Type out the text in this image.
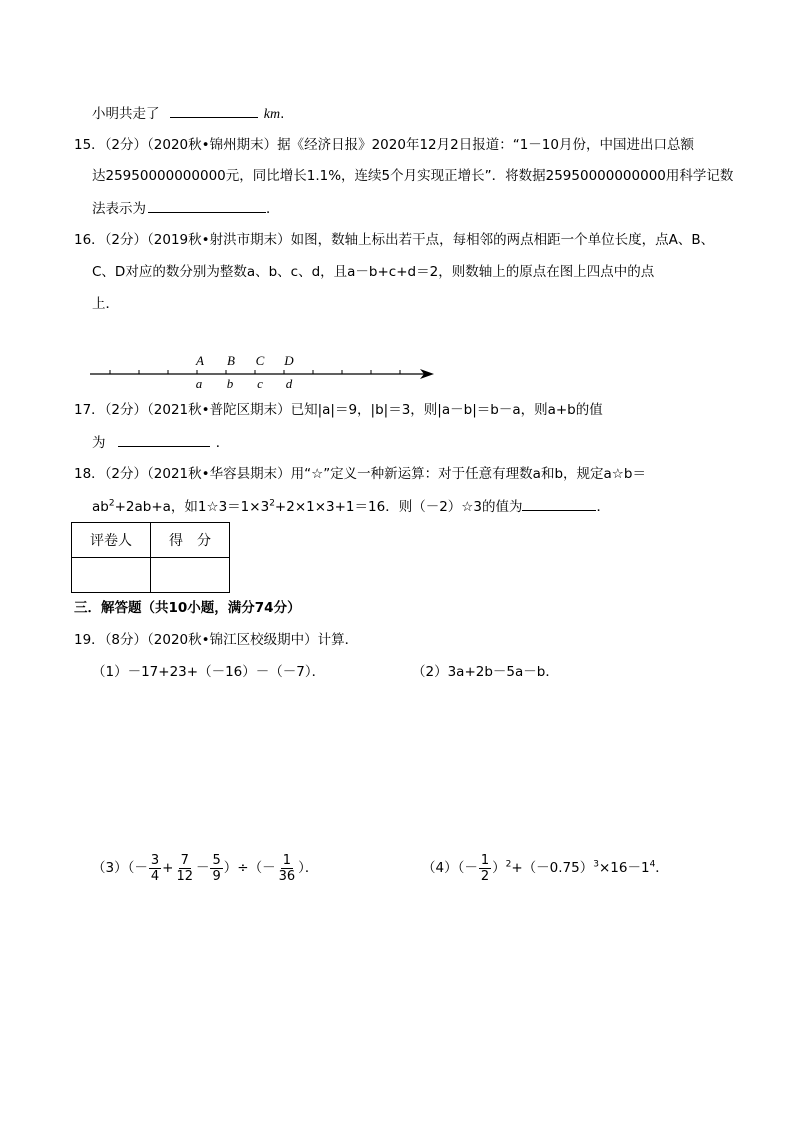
小明共走了	km.
15．（2分）（2020秋•锦州期末）据《经济日报》2020年12月2日报道：“1－10月份，中国进出口总额
达25950000000000元，同比增长1.1%，连续5个月实现正增长”．将数据25950000000000用科学记数
法表示为	．
16．（2分）（2019秋•射洪市期末）如图，数轴上标出若干点，每相邻的两点相距一个单位长度，点A、B、
C、D对应的数分别为整数a、b、c、d，且a－b+c+d＝2，则数轴上的原点在图上四点中的点
上．
A B C D
a b c d
17．（2分）（2021秋•普陀区期末）已知|a|＝9，|b|＝3，则|a－b|＝b－a，则a+b的值
为	．
18．（2分）（2021秋•华容县期末）用“☆”定义一种新运算：对于任意有理数a和b，规定a☆b＝
$ab^2+2ab+a$，如$1☆3=1\times 3^2+2\times 1\times 3+1=16$．则（－2）☆3的值为	．
评卷人	得　分

三．解答题（共10小题，满分74分）
19．（8分）（2020秋•锦江区校级期中）计算．
（1）－17+23+（－16）－（－7）．	（2）3a+2b－5a－b．
$(3)(- \frac{3}{4} + \frac{7}{12} - \frac{5}{9}$ ）÷（－ $\frac{1}{36}$ ）．	$(4)(- \frac{1}{2} )^2+(-0.75)^3\times 16-1^4$．
